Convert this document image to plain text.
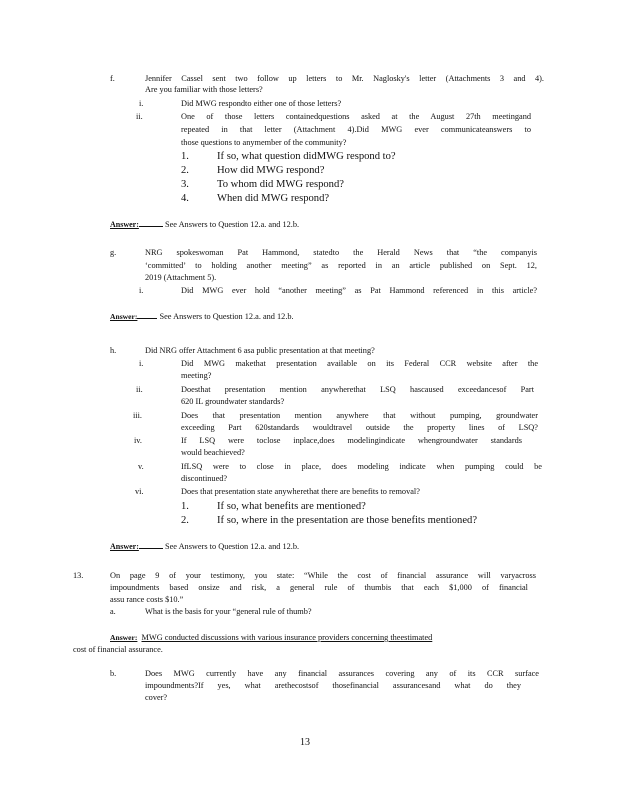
f.	Jennifer Cassel sent two follow up letters to Mr. Naglosky's letter (Attachments 3 and 4).
Are you familiar with those letters?
i.	Did MWG respondto either one of those letters?
ii.	One of those letters containedquestions asked at the August 27th meetingand
repeated in that letter (Attachment 4).Did MWG ever communicateanswers to
those questions to anymember of the community?
1.	If so, what question didMWG respond to?
2.	How did MWG respond?
3.	To whom did MWG respond?
4.	When did MWG respond?
Answer:	See Answers to Question 12.a. and 12.b.
g.	NRG spokeswoman Pat Hammond, statedto the Herald News that “the companyis
‘committed’ to holding another meeting” as reported in an article published on Sept. 12,
2019 (Attachment 5).
i.	Did MWG ever hold “another meeting” as Pat Hammond referenced in this article?
Answer:	See Answers to Question 12.a. and 12.b.
h.	Did NRG offer Attachment 6 asa public presentation at that meeting?
i.	Did MWG makethat presentation available on its Federal CCR website after the
meeting?
ii.	Doesthat presentation mention anywherethat LSQ hascaused exceedancesof Part
620 IL groundwater standards?
iii.	Does that presentation mention anywhere that without pumping, groundwater
exceeding Part 620standards wouldtravel outside the property lines of LSQ?
iv.	If LSQ were toclose inplace,does modelingindicate whengroundwater standards
would beachieved?
v.	IfLSQ were to close in place, does modeling indicate when pumping could be
discontinued?
vi.	Does that presentation state anywherethat there are benefits to removal?
1.	If so, what benefits are mentioned?
2.	If so, where in the presentation are those benefits mentioned?
Answer:	See Answers to Question 12.a. and 12.b.
13.	On page 9 of your testimony, you state: “While the cost of financial assurance will varyacross
impoundments based onsize and risk, a general rule of thumbis that each $1,000 of financial
assu rance costs $10.”
a.	What is the basis for your “general rule of thumb?
Answer: MWG conducted discussions with various insurance providers concerning theestimated
cost of financial assurance.
b.	Does MWG currently have any financial assurances covering any of its CCR surface
impoundments?If yes, what arethecostsof thosefinancial assurancesand what do they
cover?
13
